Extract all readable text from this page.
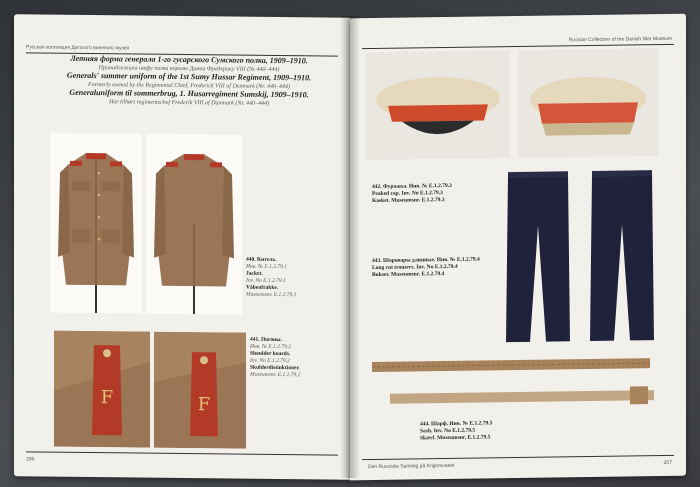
Русская коллекция Датского военного музея
Летняя форма генерала 1-го гусарского Сумского полка, 1909–1910.
Принадлежала шефу полка королю Дании Фредерику VIII (№ 440–444)
Generals' summer uniform of the 1st Sumy Hussar Regiment, 1909–1910.
Formerly owned by the Regimental Chief, Frederick VIII of Denmark (Nr. 440–444)
Generaluniform til sommerbrug, 1. Husarregiment Sumskij, 1909–1910.
Har tilhørt regimentschef Frederik VIII af Danmark (Nr. 440–444)
440. Китель.
Инв. № E.1.2.79.1
Jacket.
Inv. No E.1.2.79.1
Våbenfrakke.
Museumsnr. E.1.2.79.1
F	F
441. Погоны.
Инв. № E.1.2.79.2
Shoulder boards.
Inv. No E.1.2.79.2
Skulderdistinktioner.
Museumsnr. E.1.2.79.2
206
Russian Collection of the Danish War Museum
442. Фуражка. Инв. № E.1.2.79.3
Peaked cap. Inv. No E.1.2.79.3
Kasket. Museumsnr. E.1.2.79.3
443. Шаровары длинные. Инв. № E.1.2.79.4
Long cut trousers. Inv. No E.1.2.79.4
Bukser. Museumsnr. E.1.2.79.4
444. Шарф. Инв. № E.1.2.79.5
Sash. Inv. No E.1.2.79.5
Skærf. Museumsnr. E.1.2.79.5
Den Russiske Samling på Krigsmuseet	207
